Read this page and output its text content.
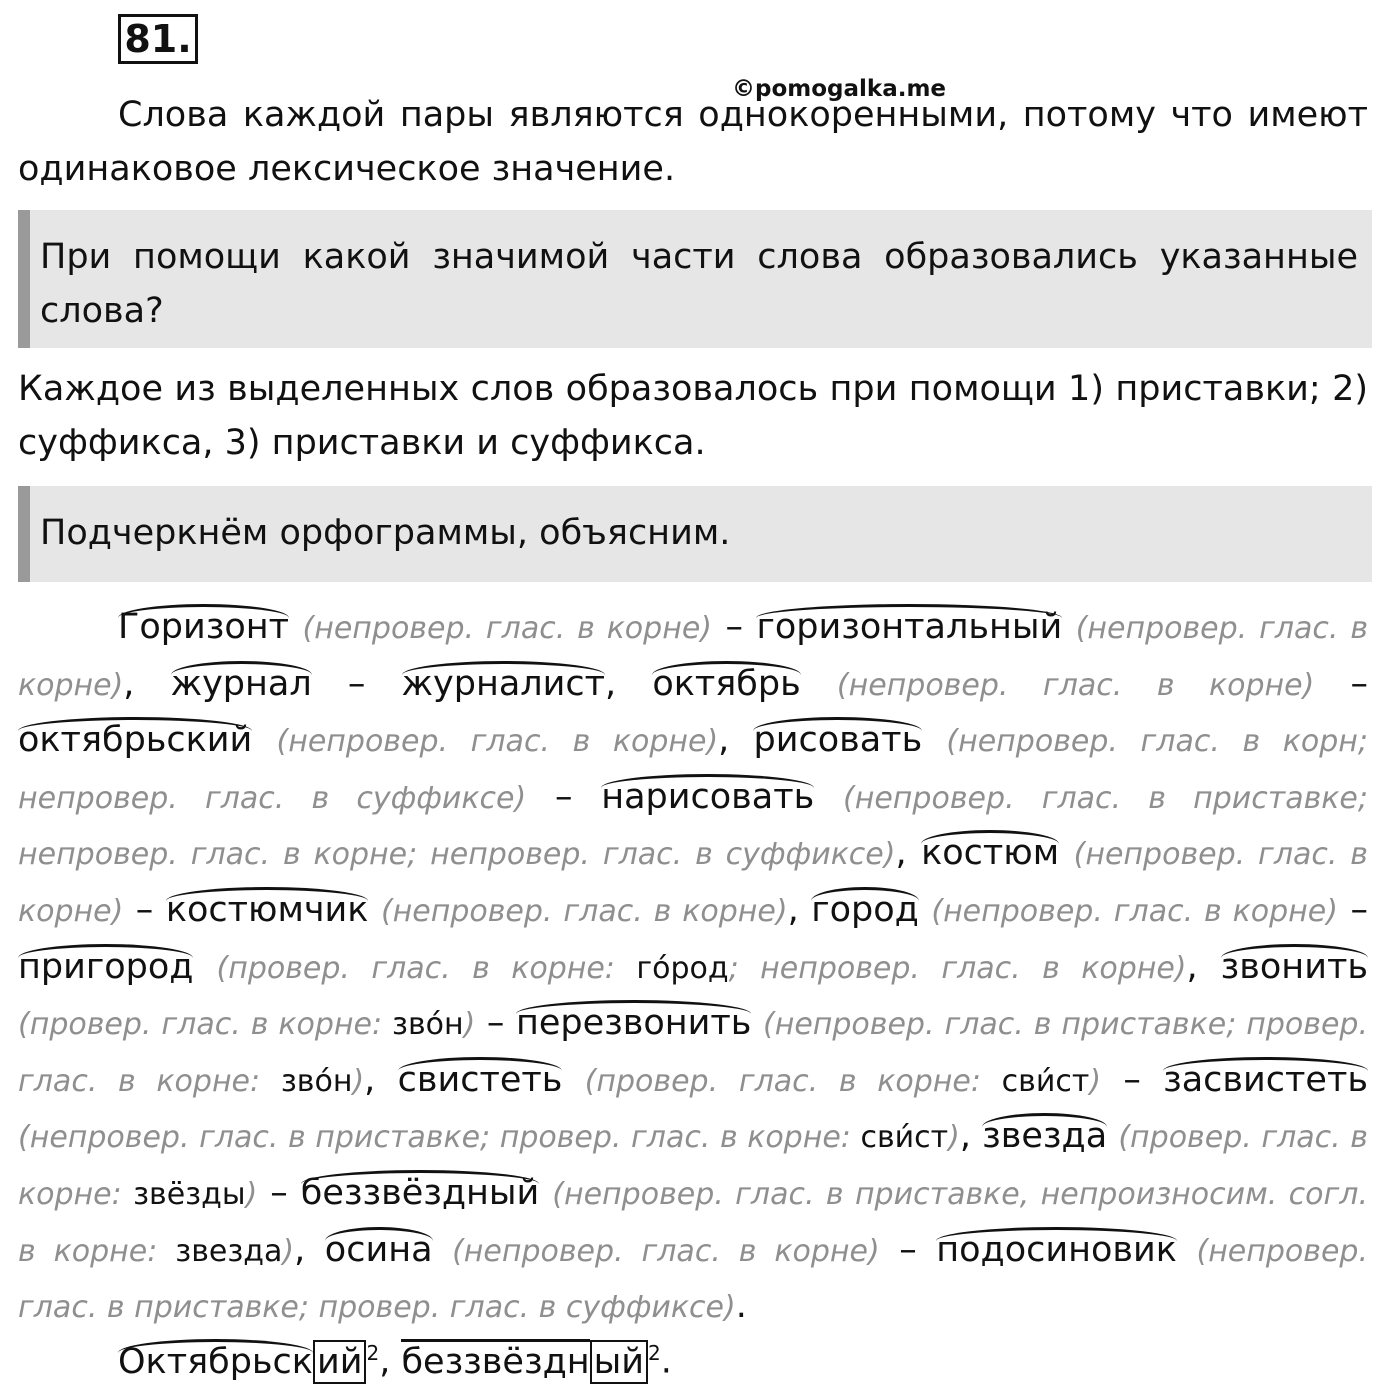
81.
©pomogalka.me
Слова каждой пары являются однокоренными, потому что имеют одинаковое лексическое значение.
При помощи какой значимой части слова образовались указанные слова?
Каждое из выделенных слов образовалось при помощи 1) приставки; 2) суффикса, 3) приставки и суффикса.
Подчеркнём орфограммы, объясним.
Горизонт (непровер. глас. в корне) – горизонтальный (непровер. глас. в корне), журнал – журналист, октябрь (непровер. глас. в корне) – октябрьский (непровер. глас. в корне), рисовать (непровер. глас. в корн; непровер. глас. в суффиксе) – нарисовать (непровер. глас. в приставке; непровер. глас. в корне; непровер. глас. в суффиксе), костюм (непровер. глас. в корне) – костюмчик (непровер. глас. в корне), город (непровер. глас. в корне) – пригород (провер. глас. в корне: го́род; непровер. глас. в корне), звонить (провер. глас. в корне: зво́н) – перезвонить (непровер. глас. в приставке; провер. глас. в корне: зво́н), свистеть (провер. глас. в корне: сви́ст) – засвистеть (непровер. глас. в приставке; провер. глас. в корне: сви́ст), звезда (провер. глас. в корне: звёзды) – беззвёздный (непровер. глас. в приставке, непроизносим. согл. в корне: звезда), осина (непровер. глас. в корне) – подосиновик (непровер. глас. в приставке; провер. глас. в суффиксе).
Октябрьск ий $^2$, беззвёздн ый $^2$.
